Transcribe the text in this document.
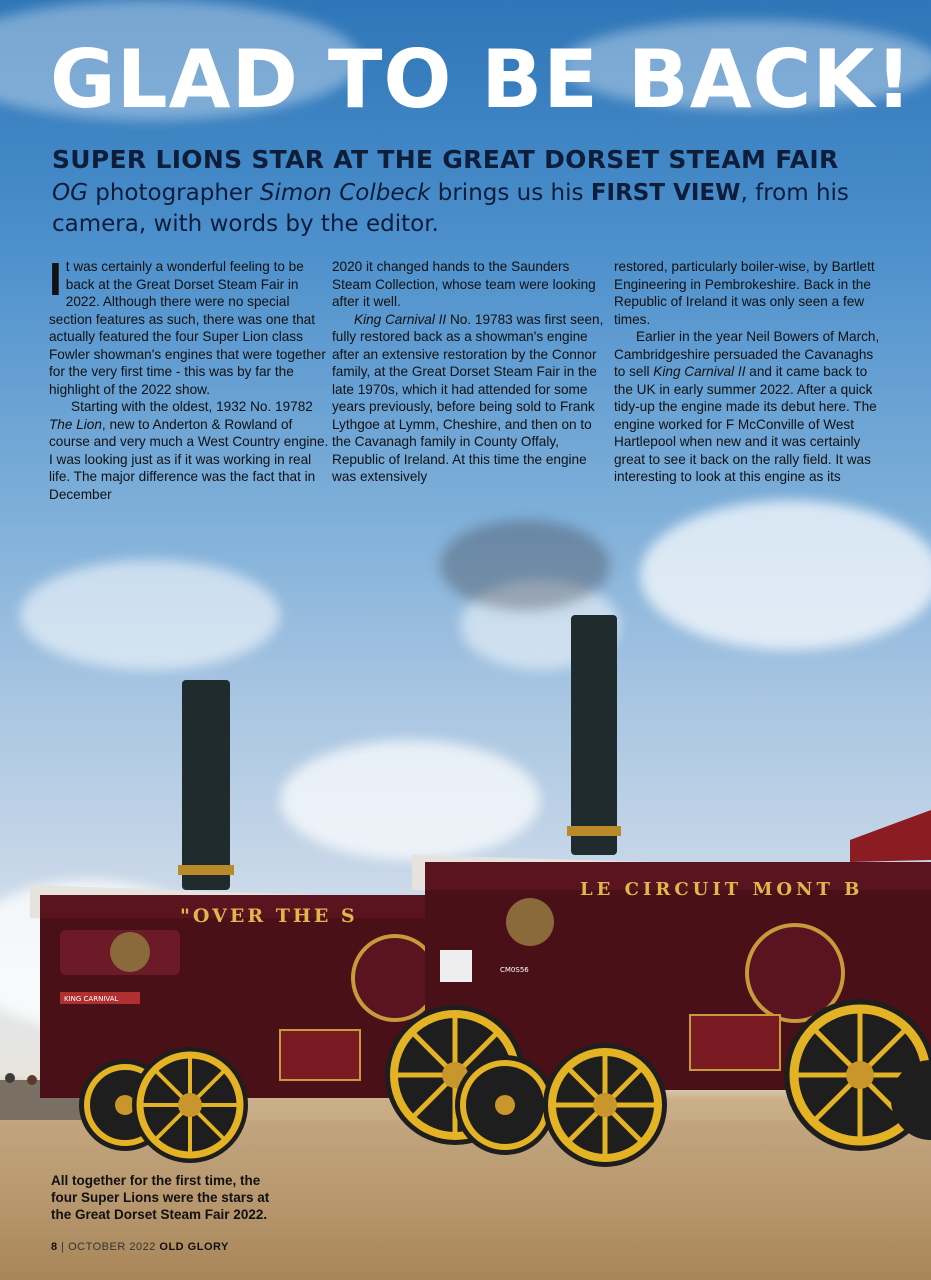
"OVER THE S
KING CARNIVAL
LE CIRCUIT MONT B
CM0S56
GLAD TO BE BACK!
SUPER LIONS STAR AT THE GREAT DORSET STEAM FAIR

OG photographer Simon Colbeck brings us his FIRST VIEW, from his camera, with words by the editor.

It was certainly a wonderful feeling to be back at the Great Dorset Steam Fair in 2022. Although there were no special section features as such, there was one that actually featured the four Super Lion class Fowler showman's engines that were together for the very first time - this was by far the highlight of the 2022 show.

Starting with the oldest, 1932 No. 19782 The Lion, new to Anderton & Rowland of course and very much a West Country engine. I was looking just as if it was working in real life. The major difference was the fact that in December

2020 it changed hands to the Saunders Steam Collection, whose team were looking after it well.

King Carnival II No. 19783 was first seen, fully restored back as a showman's engine after an extensive restoration by the Connor family, at the Great Dorset Steam Fair in the late 1970s, which it had attended for some years previously, before being sold to Frank Lythgoe at Lymm, Cheshire, and then on to the Cavanagh family in County Offaly, Republic of Ireland. At this time the engine was extensively

restored, particularly boiler-wise, by Bartlett Engineering in Pembrokeshire. Back in the Republic of Ireland it was only seen a few times.

Earlier in the year Neil Bowers of March, Cambridgeshire persuaded the Cavanaghs to sell King Carnival II and it came back to the UK in early summer 2022. After a quick tidy-up the engine made its debut here. The engine worked for F McConville of West Hartlepool when new and it was certainly great to see it back on the rally field. It was interesting to look at this engine as its

All together for the first time, the four Super Lions were the stars at the Great Dorset Steam Fair 2022.

8 | OCTOBER 2022 OLD GLORY
